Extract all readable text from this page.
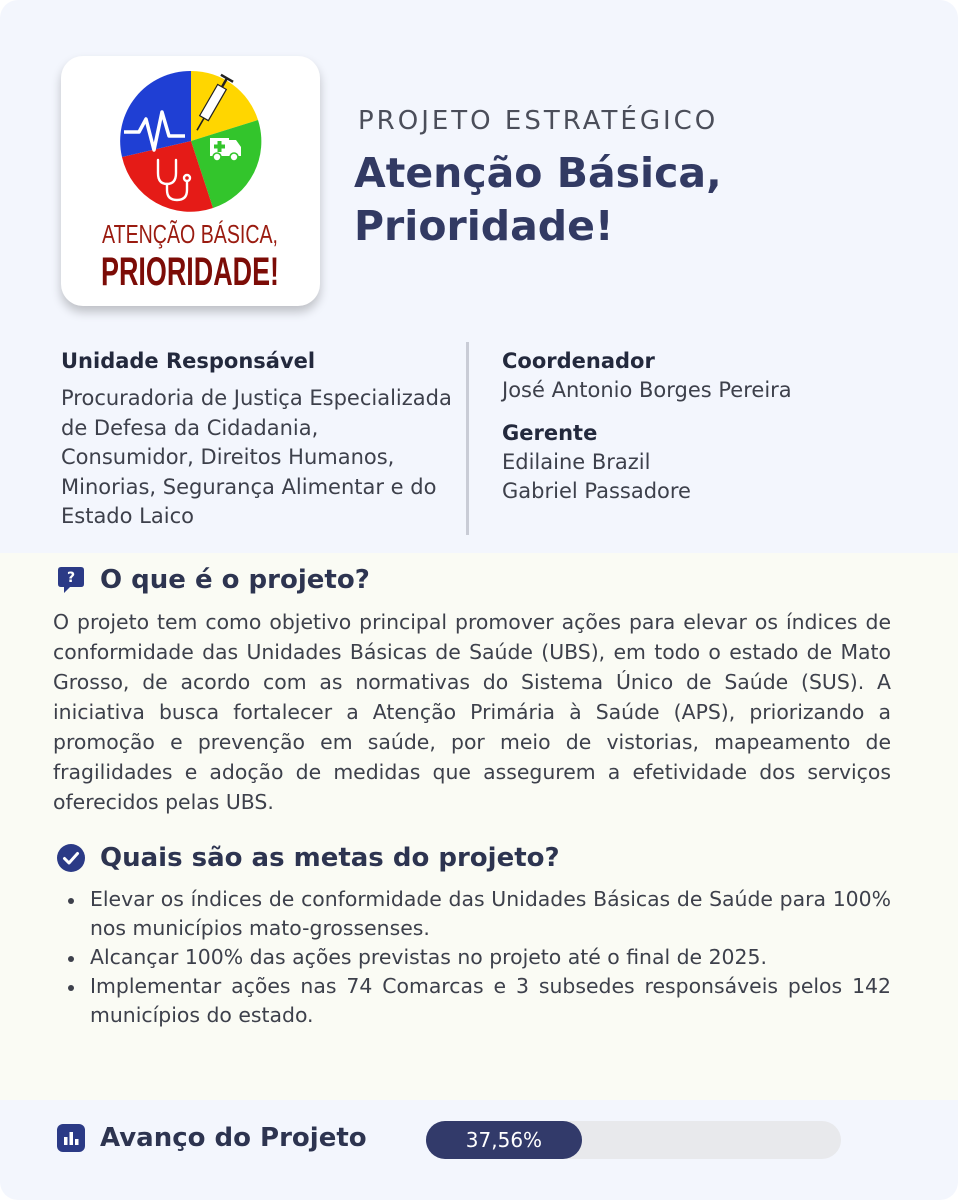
ATENÇÃO BÁSICA,
PRIORIDADE!
PROJETO ESTRATÉGICO
Atenção Básica, Prioridade!
Unidade Responsável
Procuradoria de Justiça Especializada de Defesa da Cidadania, Consumidor, Direitos Humanos, Minorias, Segurança Alimentar e do Estado Laico
Coordenador
José Antonio Borges Pereira
Gerente
Edilaine Brazil
Gabriel Passadore
? O que é o projeto?
O projeto tem como objetivo principal promover ações para elevar os índices de conformidade das Unidades Básicas de Saúde (UBS), em todo o estado de Mato Grosso, de acordo com as normativas do Sistema Único de Saúde (SUS). A iniciativa busca fortalecer a Atenção Primária à Saúde (APS), priorizando a promoção e prevenção em saúde, por meio de vistorias, mapeamento de fragilidades e adoção de medidas que assegurem a efetividade dos serviços oferecidos pelas UBS.
Quais são as metas do projeto?
Elevar os índices de conformidade das Unidades Básicas de Saúde para 100% nos municípios mato-grossenses.
Alcançar 100% das ações previstas no projeto até o final de 2025.
Implementar ações nas 74 Comarcas e 3 subsedes responsáveis pelos 142 municípios do estado.
Avanço do Projeto	37,56%
